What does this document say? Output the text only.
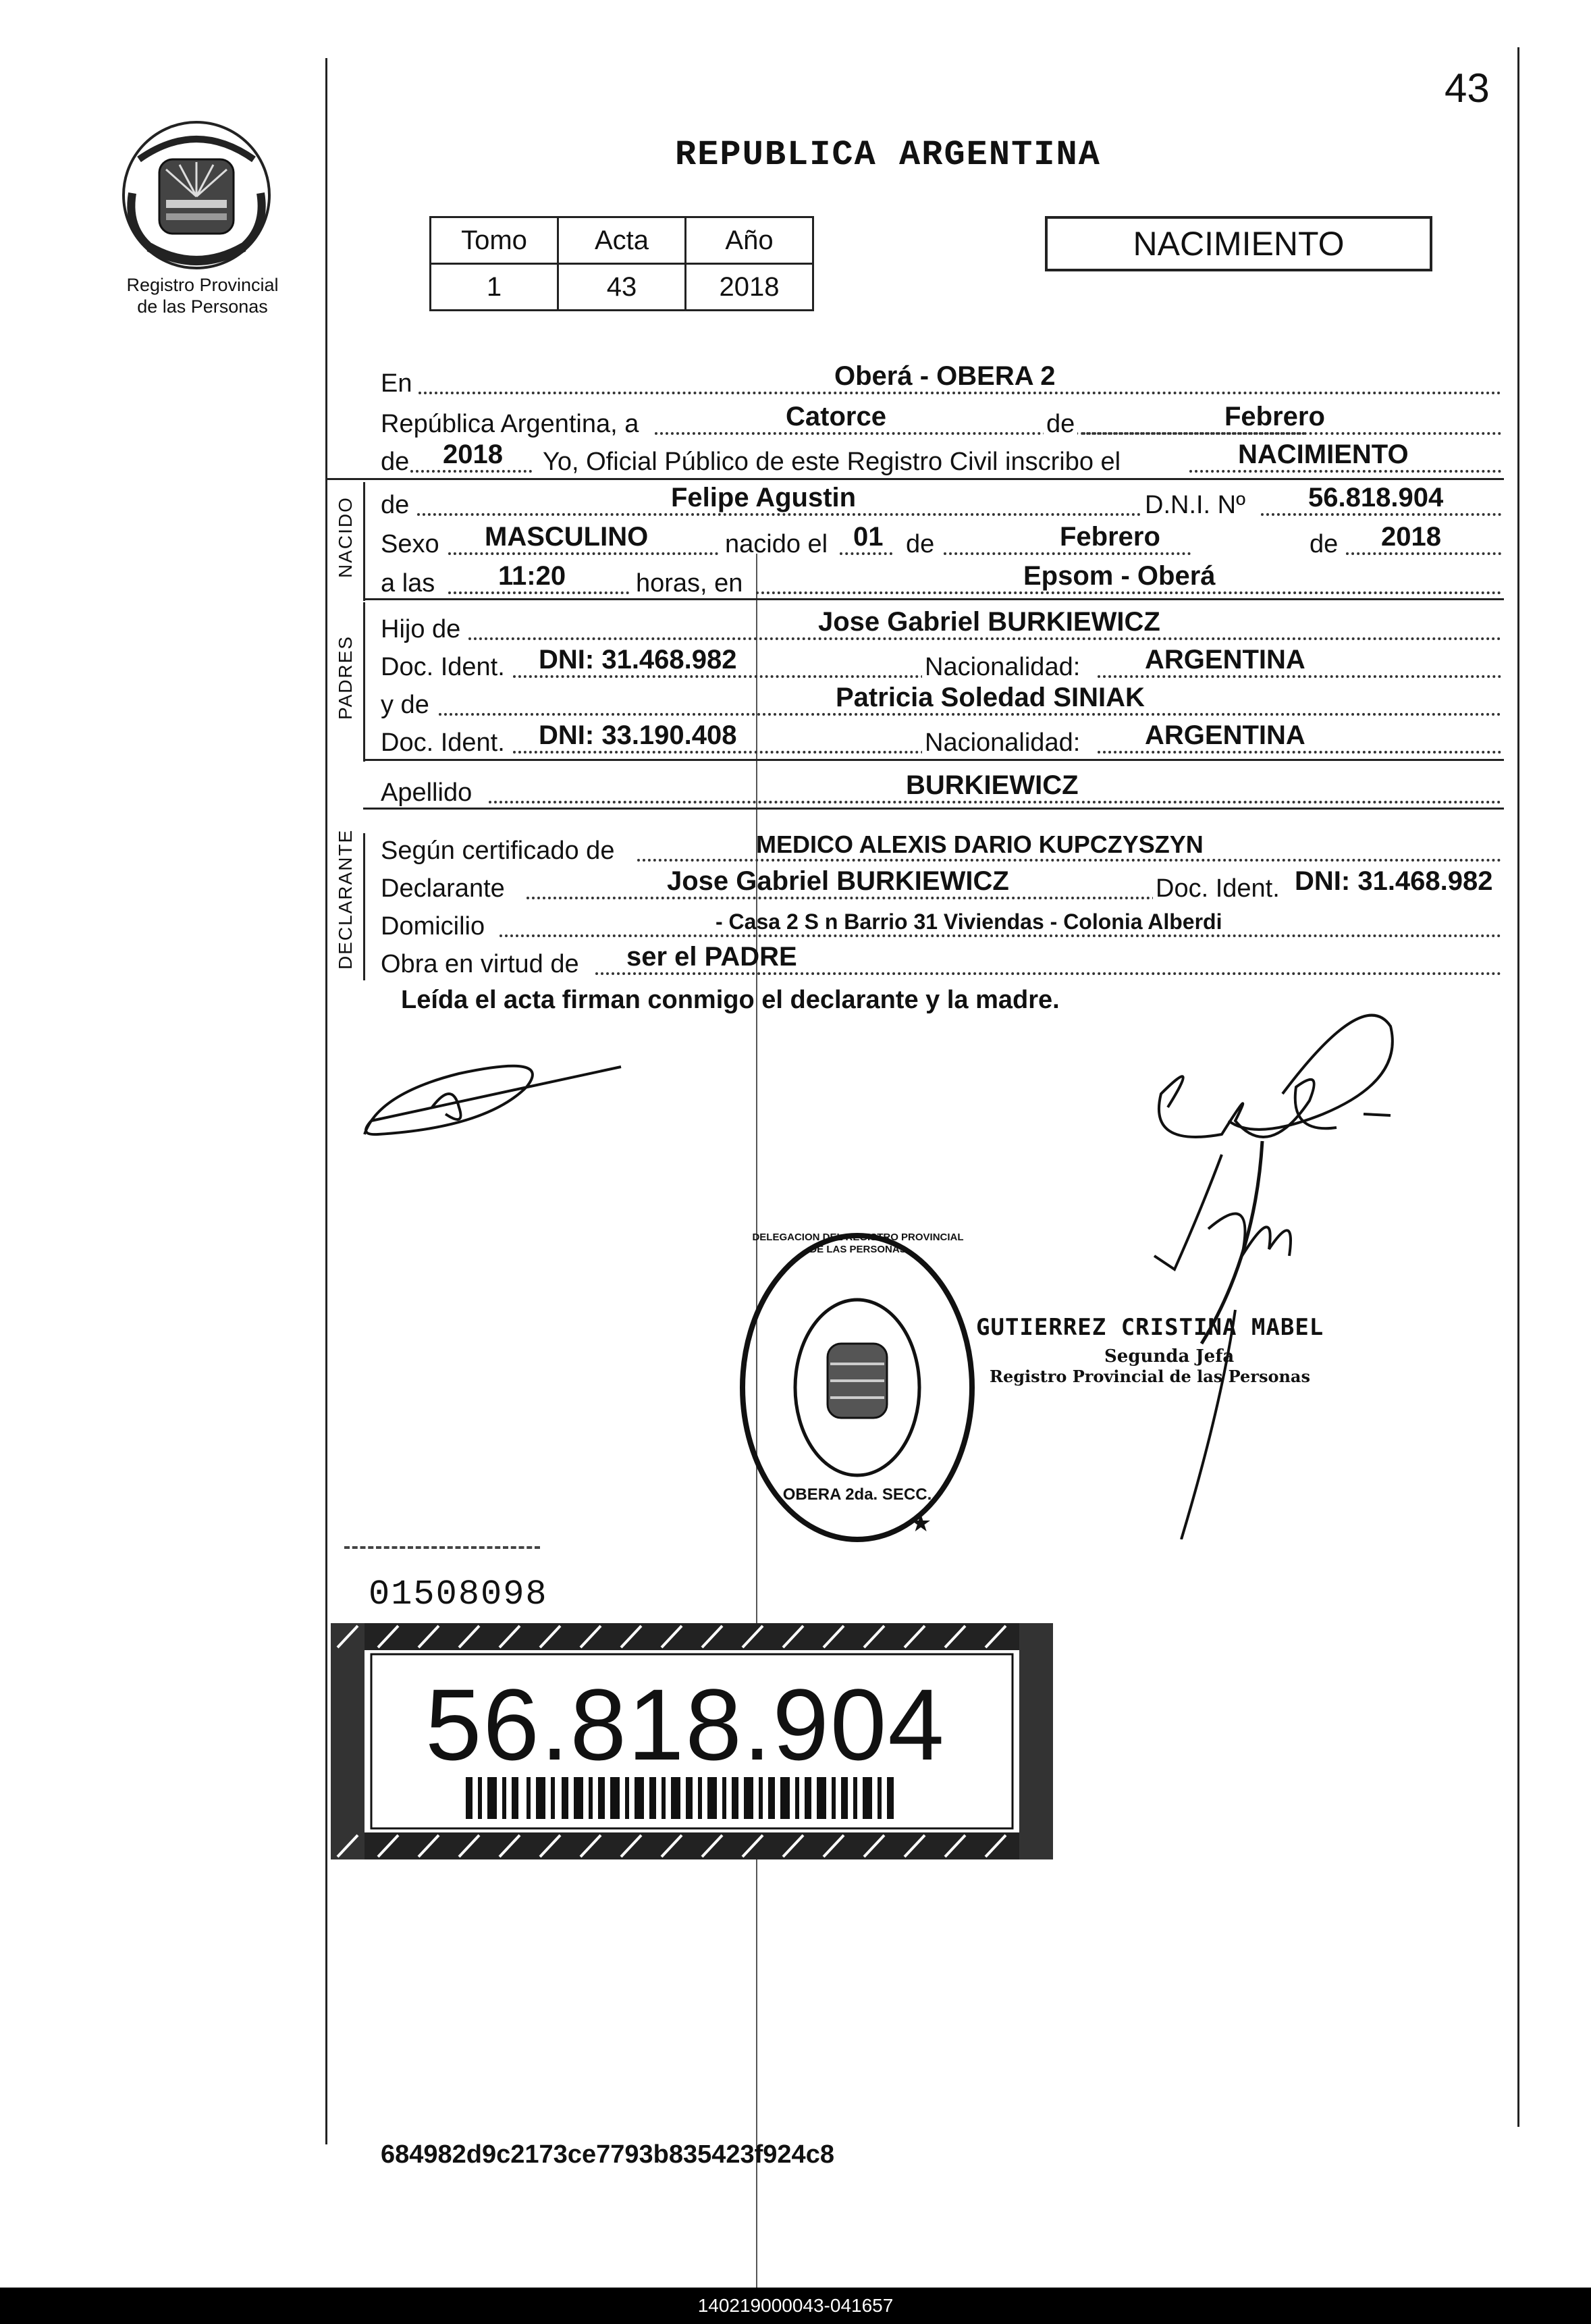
43
Registro Provincial
de las Personas
REPUBLICA ARGENTINA
Tomo	Acta	Año
1	43	2018
NACIMIENTO
En	Oberá - OBERA 2
República Argentina, a	Catorce	de	Febrero
de 2018 Yo, Oficial Público de este Registro Civil inscribo el	NACIMIENTO
NACIDO de	Felipe Agustin	D.N.I. Nº 56.818.904
Sexo MASCULINO	nacido el 01 de	Febrero	de 2018
a las 11:20	horas, en	Epsom - Oberá
PADRES
Hijo de	Jose Gabriel BURKIEWICZ
Doc. Ident. DNI: 31.468.982	Nacionalidad: ARGENTINA
y de	Patricia Soledad SINIAK
Doc. Ident. DNI: 33.190.408	Nacionalidad: ARGENTINA
Apellido	BURKIEWICZ
DECLARANTE Según certificado de	MEDICO ALEXIS DARIO KUPCZYSZYN
Declarante	Jose Gabriel BURKIEWICZ	Doc. Ident. DNI: 31.468.982
Domicilio	- Casa 2 S n Barrio 31 Viviendas - Colonia Alberdi
Obra en virtud de ser el PADRE
Leída el acta firman conmigo el declarante y la madre.
★
DELEGACION DEL REGISTRO PROVINCIAL DE LAS PERSONAS
OBERA 2da. SECC.
GUTIERREZ CRISTINA MABEL
Segunda Jefa
Registro Provincial de las Personas
01508098
56.818.904
684982d9c2173ce7793b835423f924c8
140219000043-041657
